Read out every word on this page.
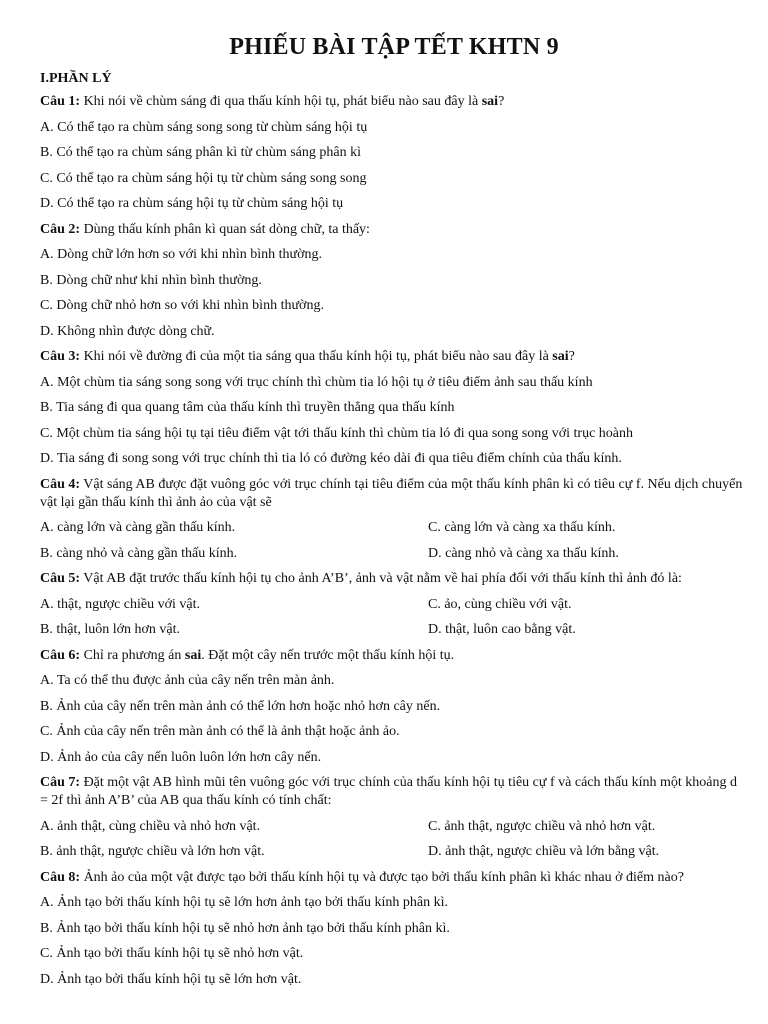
PHIẾU BÀI TẬP TẾT KHTN 9
I.PHẦN LÝ
Câu 1: Khi nói về chùm sáng đi qua thấu kính hội tụ, phát biểu nào sau đây là sai?
A. Có thể tạo ra chùm sáng song song từ chùm sáng hội tụ
B. Có thể tạo ra chùm sáng phân kì từ chùm sáng phân kì
C. Có thể tạo ra chùm sáng hội tụ từ chùm sáng song song
D. Có thể tạo ra chùm sáng hội tụ từ chùm sáng hội tụ
Câu 2: Dùng thấu kính phân kì quan sát dòng chữ, ta thấy:
A. Dòng chữ lớn hơn so với khi nhìn bình thường.
B. Dòng chữ như khi nhìn bình thường.
C. Dòng chữ nhỏ hơn so với khi nhìn bình thường.
D. Không nhìn được dòng chữ.
Câu 3: Khi nói về đường đi của một tia sáng qua thấu kính hội tụ, phát biểu nào sau đây là sai?
A. Một chùm tia sáng song song với trục chính thì chùm tia ló hội tụ ở tiêu điểm ảnh sau thấu kính
B. Tia sáng đi qua quang tâm của thấu kính thì truyền thẳng qua thấu kính
C. Một chùm tia sáng hội tụ tại tiêu điểm vật tới thấu kính thì chùm tia ló đi qua song song với trục hoành
D. Tia sáng đi song song với trục chính thì tia ló có đường kéo dài đi qua tiêu điểm chính của thấu kính.
Câu 4: Vật sáng AB được đặt vuông góc với trục chính tại tiêu điểm của một thấu kính phân kì có tiêu cự f. Nếu dịch chuyển vật lại gần thấu kính thì ảnh ảo của vật sẽ
A. càng lớn và càng gần thấu kính.	C. càng lớn và càng xa thấu kính.
B. càng nhỏ và càng gần thấu kính.	D. càng nhỏ và càng xa thấu kính.
Câu 5: Vật AB đặt trước thấu kính hội tụ cho ảnh A’B’, ảnh và vật nằm về hai phía đối với thấu kính thì ảnh đó là:
A. thật, ngược chiều với vật.	C. ảo, cùng chiều với vật.
B. thật, luôn lớn hơn vật.	D. thật, luôn cao bằng vật.
Câu 6: Chỉ ra phương án sai. Đặt một cây nến trước một thấu kính hội tụ.
A. Ta có thể thu được ảnh của cây nến trên màn ảnh.
B. Ảnh của cây nến trên màn ảnh có thể lớn hơn hoặc nhỏ hơn cây nến.
C. Ảnh của cây nến trên màn ảnh có thể là ảnh thật hoặc ảnh ảo.
D. Ảnh ảo của cây nến luôn luôn lớn hơn cây nến.
Câu 7: Đặt một vật AB hình mũi tên vuông góc với trục chính của thấu kính hội tụ tiêu cự f và cách thấu kính một khoảng d = 2f thì ảnh A’B’ của AB qua thấu kính có tính chất:
A. ảnh thật, cùng chiều và nhỏ hơn vật.	C. ảnh thật, ngược chiều và nhỏ hơn vật.
B. ảnh thật, ngược chiều và lớn hơn vật.	D. ảnh thật, ngược chiều và lớn bằng vật.
Câu 8: Ảnh ảo của một vật được tạo bởi thấu kính hội tụ và được tạo bởi thấu kính phân kì khác nhau ở điểm nào?
A. Ảnh tạo bởi thấu kính hội tụ sẽ lớn hơn ảnh tạo bởi thấu kính phân kì.
B. Ảnh tạo bởi thấu kính hội tụ sẽ nhỏ hơn ảnh tạo bởi thấu kính phân kì.
C. Ảnh tạo bởi thấu kính hội tụ sẽ nhỏ hơn vật.
D. Ảnh tạo bởi thấu kính hội tụ sẽ lớn hơn vật.
